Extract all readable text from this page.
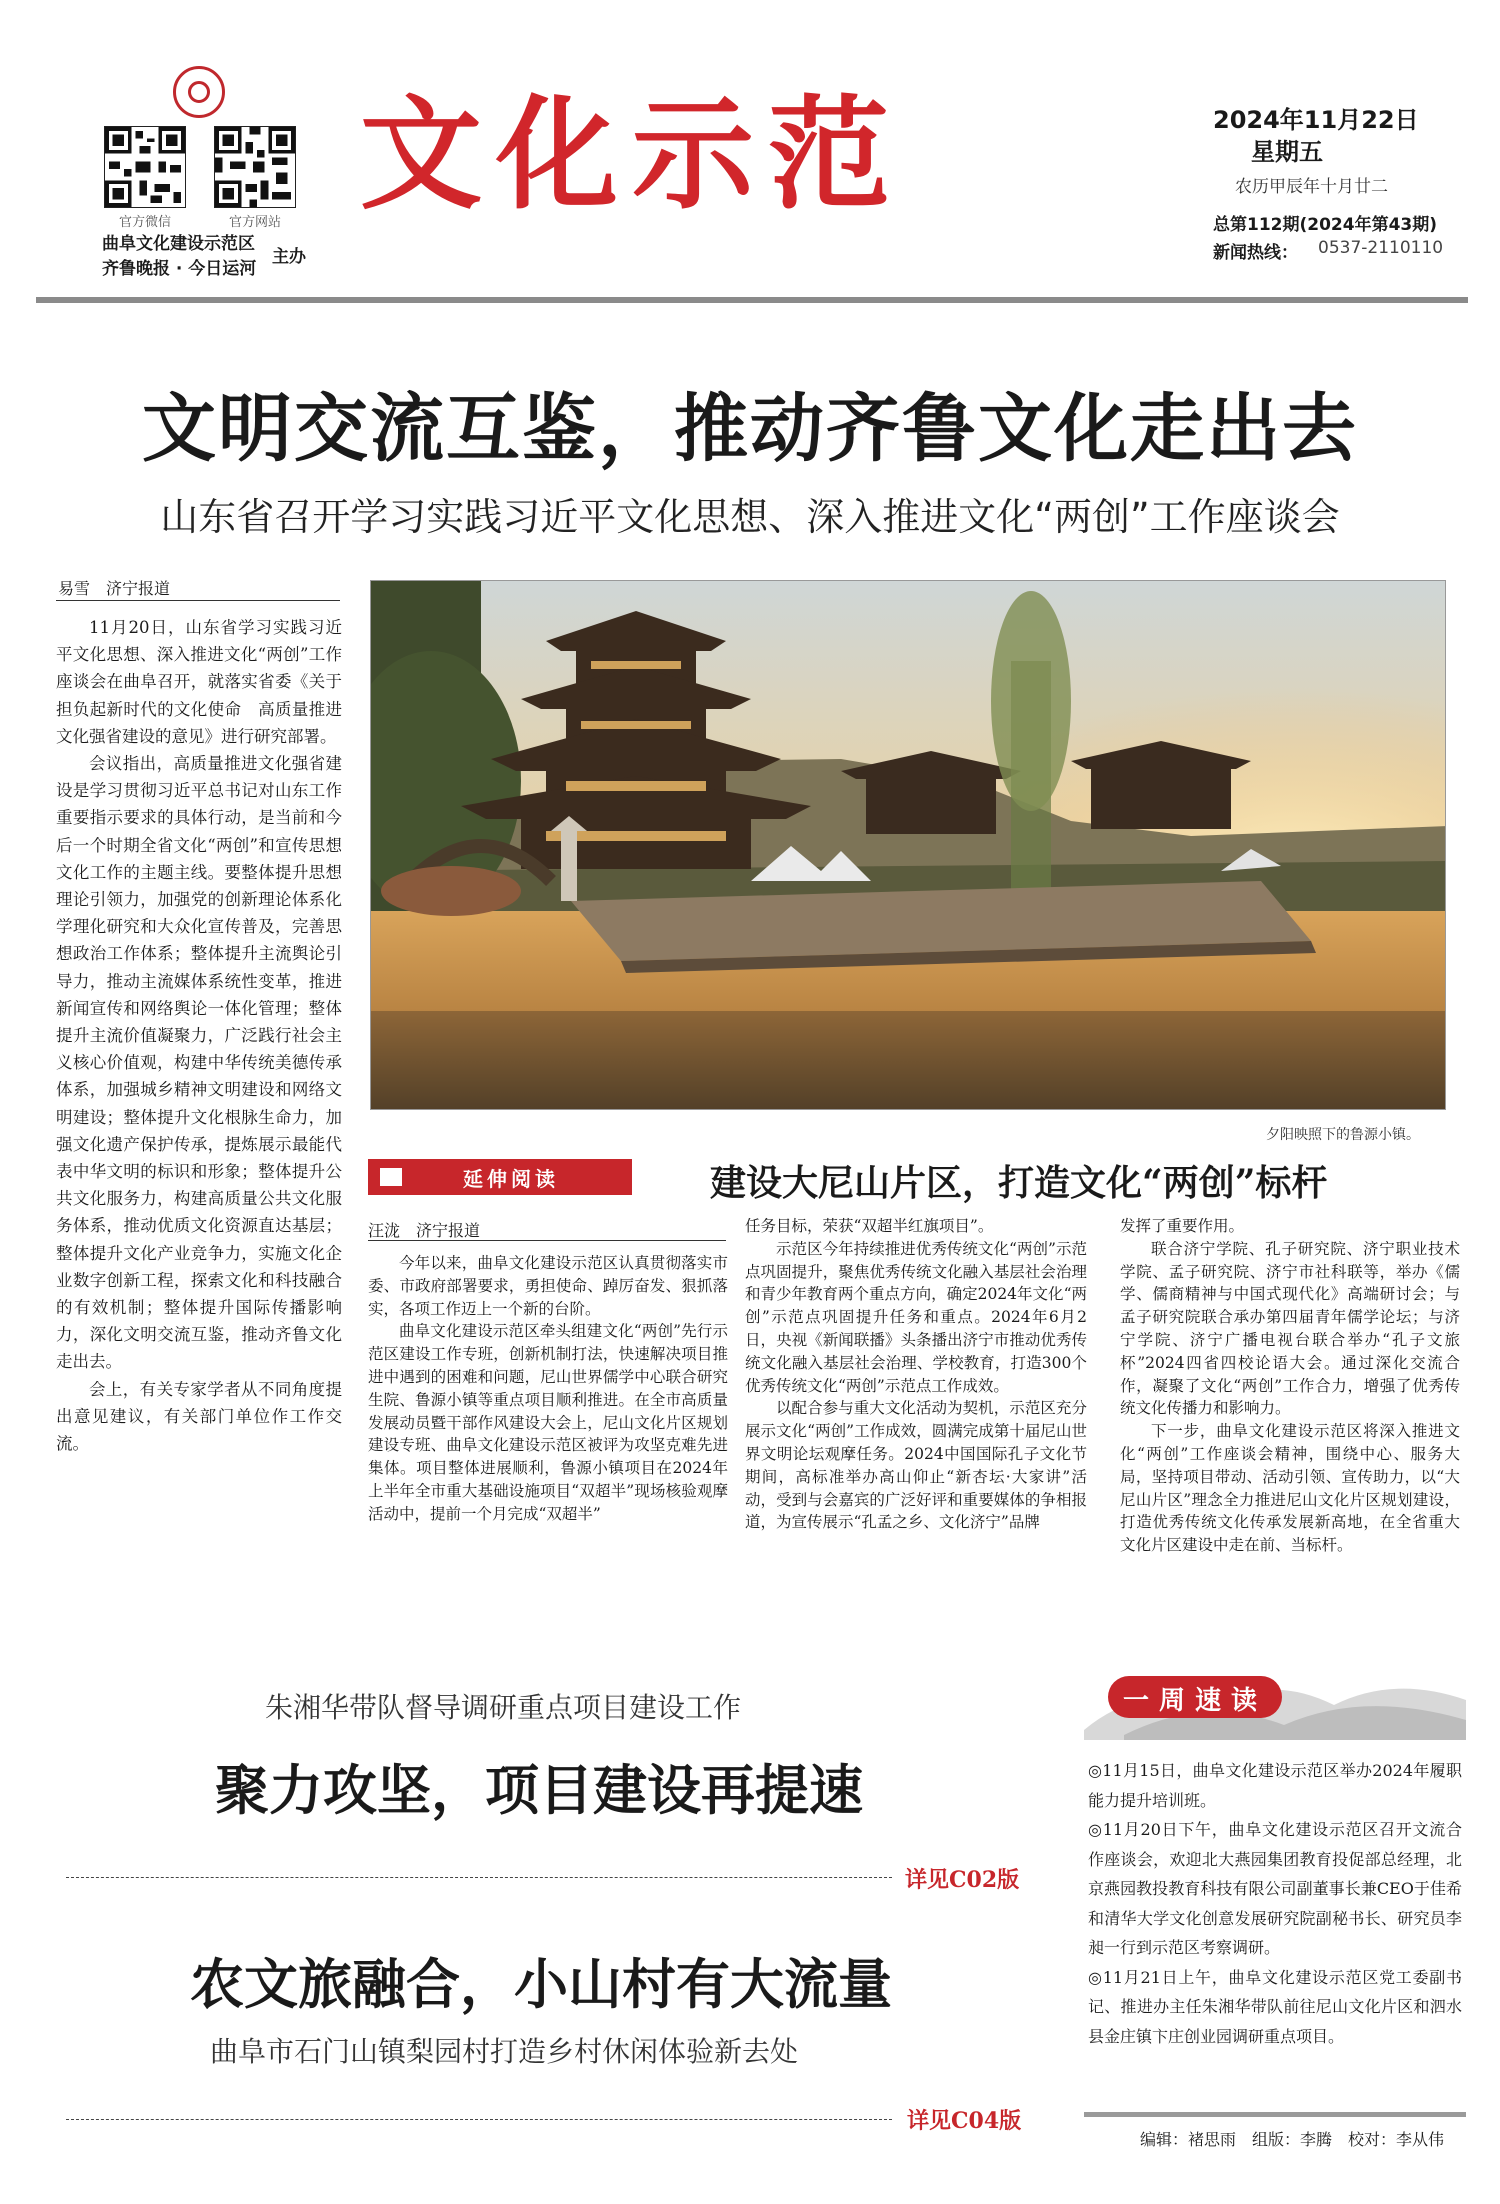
官方微信	官方网站
曲阜文化建设示范区
齐鲁晚报 · 今日运河
主办
文化示范	2024年11月22日
星期五
农历甲辰年十月廿二
总第112期(2024年第43期)
新闻热线： 0537-2110110
文明交流互鉴，推动齐鲁文化走出去
山东省召开学习实践习近平文化思想、深入推进文化“两创”工作座谈会
易雪　济宁报道

11月20日，山东省学习实践习近平文化思想、深入推进文化“两创”工作座谈会在曲阜召开，就落实省委《关于担负起新时代的文化使命　高质量推进文化强省建设的意见》进行研究部署。

会议指出，高质量推进文化强省建设是学习贯彻习近平总书记对山东工作重要指示要求的具体行动，是当前和今后一个时期全省文化“两创”和宣传思想文化工作的主题主线。要整体提升思想理论引领力，加强党的创新理论体系化学理化研究和大众化宣传普及，完善思想政治工作体系；整体提升主流舆论引导力，推动主流媒体系统性变革，推进新闻宣传和网络舆论一体化管理；整体提升主流价值凝聚力，广泛践行社会主义核心价值观，构建中华传统美德传承体系，加强城乡精神文明建设和网络文明建设；整体提升文化根脉生命力，加强文化遗产保护传承，提炼展示最能代表中华文明的标识和形象；整体提升公共文化服务力，构建高质量公共文化服务体系，推动优质文化资源直达基层；整体提升文化产业竞争力，实施文化企业数字创新工程，探索文化和科技融合的有效机制；整体提升国际传播影响力，深化文明交流互鉴，推动齐鲁文化走出去。

会上，有关专家学者从不同角度提出意见建议，有关部门单位作工作交流。

夕阳映照下的鲁源小镇。
延伸阅读	建设大尼山片区，打造文化“两创”标杆
汪泷　济宁报道

今年以来，曲阜文化建设示范区认真贯彻落实市委、市政府部署要求，勇担使命、踔厉奋发、狠抓落实，各项工作迈上一个新的台阶。

曲阜文化建设示范区牵头组建文化“两创”先行示范区建设工作专班，创新机制打法，快速解决项目推进中遇到的困难和问题，尼山世界儒学中心联合研究生院、鲁源小镇等重点项目顺利推进。在全市高质量发展动员暨干部作风建设大会上，尼山文化片区规划建设专班、曲阜文化建设示范区被评为攻坚克难先进集体。项目整体进展顺利，鲁源小镇项目在2024年上半年全市重大基础设施项目“双超半”现场核验观摩活动中，提前一个月完成“双超半”

任务目标，荣获“双超半红旗项目”。

示范区今年持续推进优秀传统文化“两创”示范点巩固提升，聚焦优秀传统文化融入基层社会治理和青少年教育两个重点方向，确定2024年文化“两创”示范点巩固提升任务和重点。2024年6月2日，央视《新闻联播》头条播出济宁市推动优秀传统文化融入基层社会治理、学校教育，打造300个优秀传统文化“两创”示范点工作成效。

以配合参与重大文化活动为契机，示范区充分展示文化“两创”工作成效，圆满完成第十届尼山世界文明论坛观摩任务。2024中国国际孔子文化节期间，高标准举办高山仰止“新杏坛·大家讲”活动，受到与会嘉宾的广泛好评和重要媒体的争相报道，为宣传展示“孔孟之乡、文化济宁”品牌

发挥了重要作用。

联合济宁学院、孔子研究院、济宁职业技术学院、孟子研究院、济宁市社科联等，举办《儒学、儒商精神与中国式现代化》高端研讨会；与孟子研究院联合承办第四届青年儒学论坛；与济宁学院、济宁广播电视台联合举办“孔子文旅杯”2024四省四校论语大会。通过深化交流合作，凝聚了文化“两创”工作合力，增强了优秀传统文化传播力和影响力。

下一步，曲阜文化建设示范区将深入推进文化“两创”工作座谈会精神，围绕中心、服务大局，坚持项目带动、活动引领、宣传助力，以“大尼山片区”理念全力推进尼山文化片区规划建设，打造优秀传统文化传承发展新高地，在全省重大文化片区建设中走在前、当标杆。

朱湘华带队督导调研重点项目建设工作
聚力攻坚，项目建设再提速
详见C02版
农文旅融合，小山村有大流量
曲阜市石门山镇梨园村打造乡村休闲体验新去处
详见C04版
一周速读

◎11月15日，曲阜文化建设示范区举办2024年履职能力提升培训班。

◎11月20日下午，曲阜文化建设示范区召开文流合作座谈会，欢迎北大燕园集团教育投促部总经理，北京燕园教投教育科技有限公司副董事长兼CEO于佳希和清华大学文化创意发展研究院副秘书长、研究员李昶一行到示范区考察调研。

◎11月21日上午，曲阜文化建设示范区党工委副书记、推进办主任朱湘华带队前往尼山文化片区和泗水县金庄镇卞庄创业园调研重点项目。

编辑：褚思雨　组版：李腾　校对：李从伟
